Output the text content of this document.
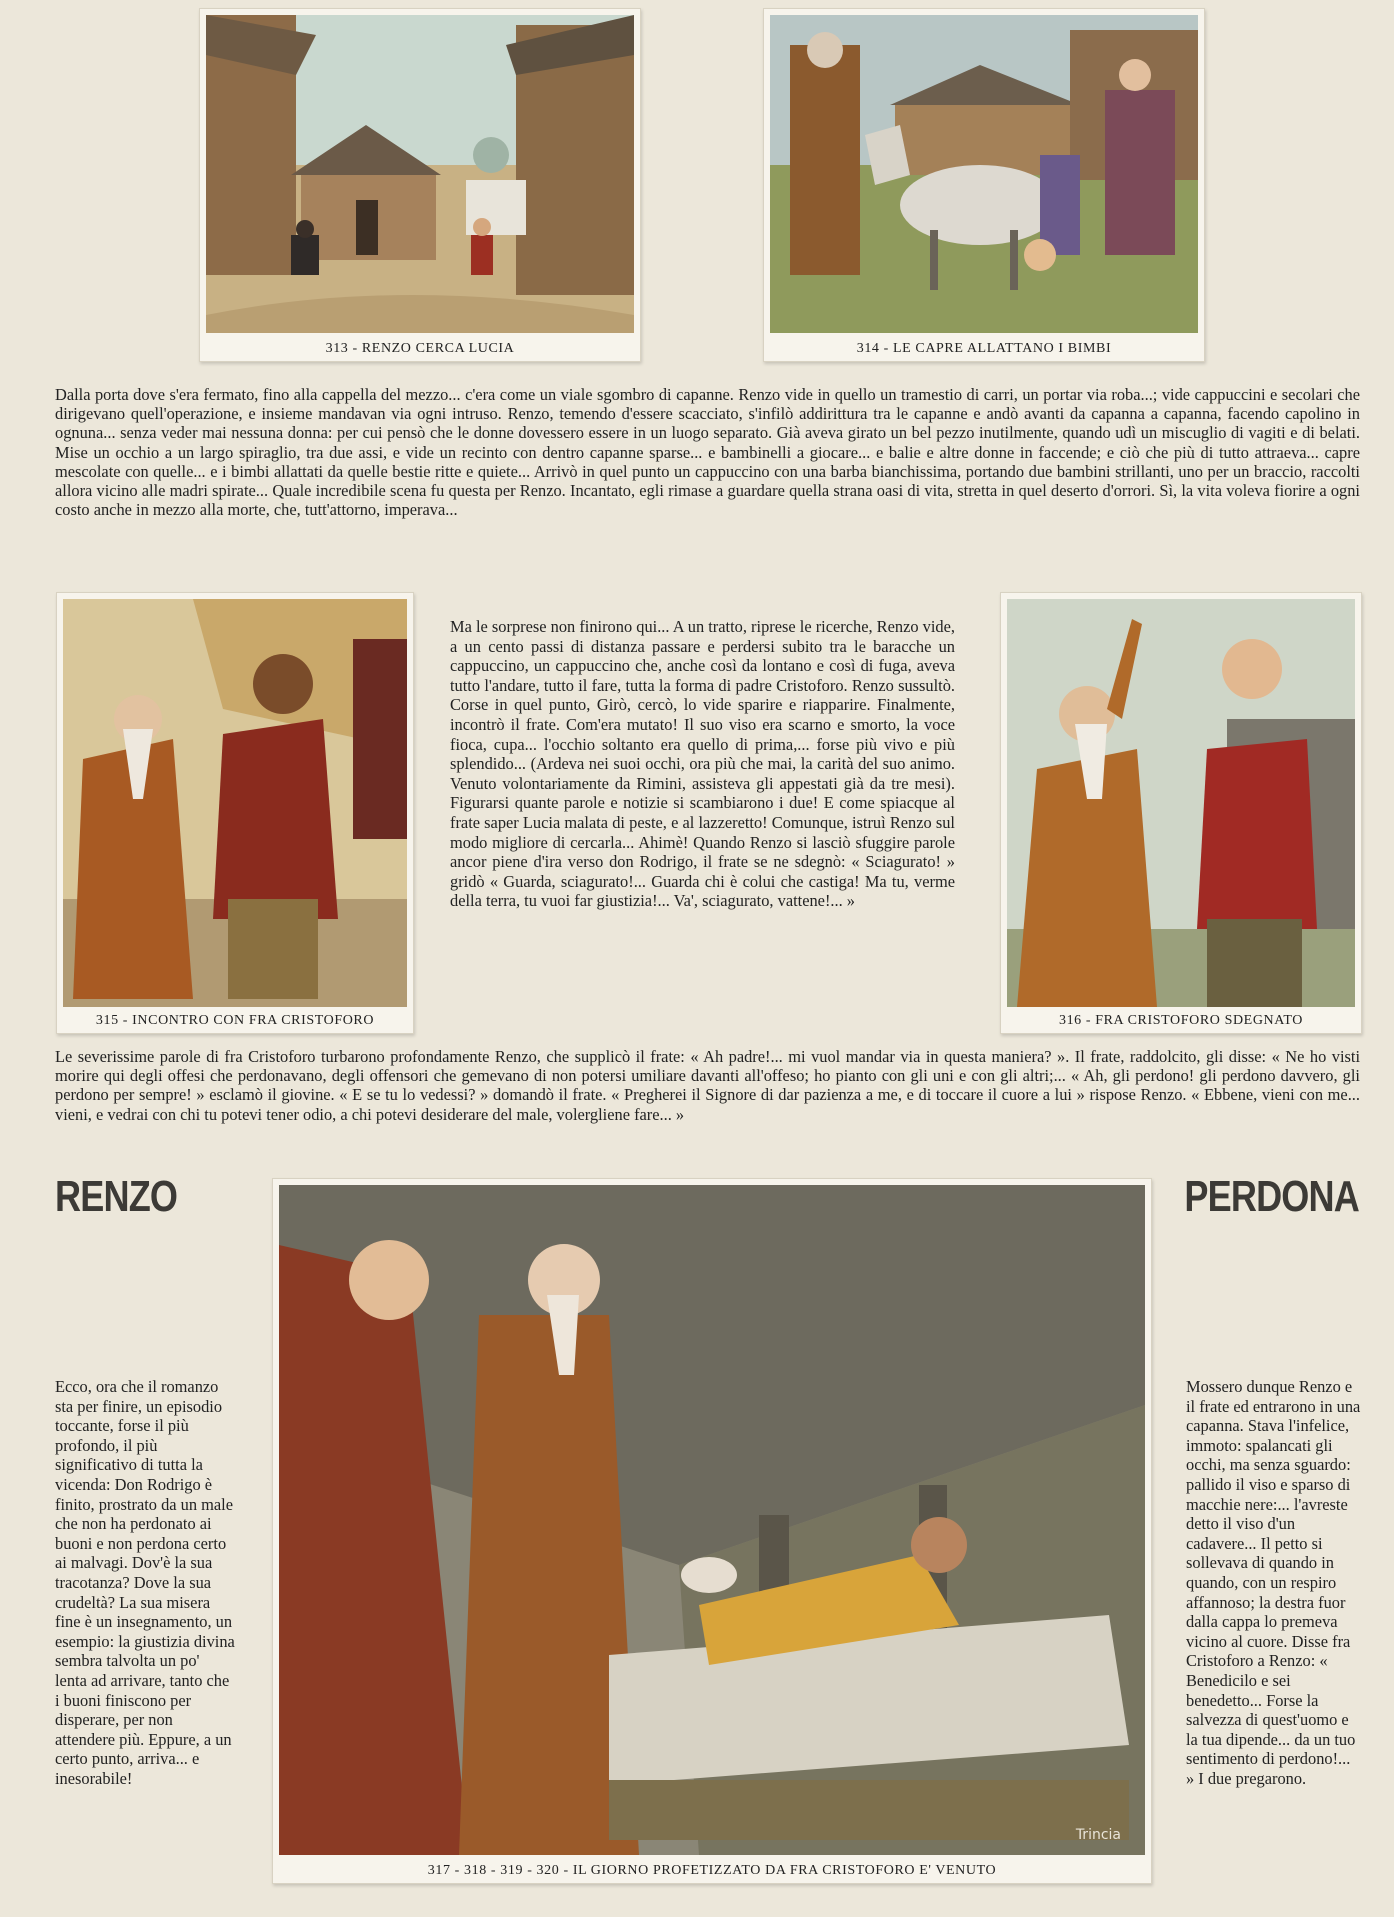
313 - RENZO CERCA LUCIA	314 - LE CAPRE ALLATTANO I BIMBI

Dalla porta dove s'era fermato, fino alla cappella del mezzo... c'era come un viale sgombro di capanne. Renzo vide in quello un tramestio di carri, un portar via roba...; vide cappuccini e secolari che dirigevano quell'operazione, e insieme mandavan via ogni intruso. Renzo, temendo d'essere scacciato, s'infilò addirittura tra le capanne e andò avanti da capanna a capanna, facendo capolino in ognuna... senza veder mai nessuna donna: per cui pensò che le donne dovessero essere in un luogo separato. Già aveva girato un bel pezzo inutilmente, quando udì un miscuglio di vagiti e di belati. Mise un occhio a un largo spiraglio, tra due assi, e vide un recinto con dentro capanne sparse... e bambinelli a giocare... e balie e altre donne in faccende; e ciò che più di tutto attraeva... capre mescolate con quelle... e i bimbi allattati da quelle bestie ritte e quiete... Arrivò in quel punto un cappuccino con una barba bianchissima, portando due bambini strillanti, uno per un braccio, raccolti allora vicino alle madri spirate... Quale incredibile scena fu questa per Renzo. Incantato, egli rimase a guardare quella strana oasi di vita, stretta in quel deserto d'orrori. Sì, la vita voleva fiorire a ogni costo anche in mezzo alla morte, che, tutt'attorno, imperava...

315 - INCONTRO CON FRA CRISTOFORO

Ma le sorprese non finirono qui... A un tratto, riprese le ricerche, Renzo vide, a un cento passi di distanza passare e perdersi subito tra le baracche un cappuccino, un cappuccino che, anche così da lontano e così di fuga, aveva tutto l'andare, tutto il fare, tutta la forma di padre Cristoforo. Renzo sussultò. Corse in quel punto, Girò, cercò, lo vide sparire e riapparire. Finalmente, incontrò il frate. Com'era mutato! Il suo viso era scarno e smorto, la voce fioca, cupa... l'occhio soltanto era quello di prima,... forse più vivo e più splendido... (Ardeva nei suoi occhi, ora più che mai, la carità del suo animo. Venuto volontariamente da Rimini, assisteva gli appestati già da tre mesi). Figurarsi quante parole e notizie si scambiarono i due! E come spiacque al frate saper Lucia malata di peste, e al lazzeretto! Comunque, istruì Renzo sul modo migliore di cercarla... Ahimè! Quando Renzo si lasciò sfuggire parole ancor piene d'ira verso don Rodrigo, il frate se ne sdegnò: « Sciagurato! » gridò « Guarda, sciagurato!... Guarda chi è colui che castiga! Ma tu, verme della terra, tu vuoi far giustizia!... Va', sciagurato, vattene!... »

316 - FRA CRISTOFORO SDEGNATO

Le severissime parole di fra Cristoforo turbarono profondamente Renzo, che supplicò il frate: « Ah padre!... mi vuol mandar via in questa maniera? ». Il frate, raddolcito, gli disse: « Ne ho visti morire qui degli offesi che perdonavano, degli offensori che gemevano di non potersi umiliare davanti all'offeso; ho pianto con gli uni e con gli altri;... « Ah, gli perdono! gli perdono davvero, gli perdono per sempre! » esclamò il giovine. « E se tu lo vedessi? » domandò il frate. « Pregherei il Signore di dar pazienza a me, e di toccare il cuore a lui » rispose Renzo. « Ebbene, vieni con me... vieni, e vedrai con chi tu potevi tener odio, a chi potevi desiderare del male, volergliene fare... »

RENZO	PERDONA
Trincia
317 - 318 - 319 - 320 - IL GIORNO PROFETIZZATO DA FRA CRISTOFORO E' VENUTO

Ecco, ora che il romanzo sta per finire, un episodio toccante, forse il più profondo, il più significativo di tutta la vicenda: Don Rodrigo è finito, prostrato da un male che non ha perdonato ai buoni e non perdona certo ai malvagi. Dov'è la sua tracotanza? Dove la sua crudeltà? La sua misera fine è un insegnamento, un esempio: la giustizia divina sembra talvolta un po' lenta ad arrivare, tanto che i buoni finiscono per disperare, per non attendere più. Eppure, a un certo punto, arriva... e inesorabile!

Mossero dunque Renzo e il frate ed entrarono in una capanna. Stava l'infelice, immoto: spalancati gli occhi, ma senza sguardo: pallido il viso e sparso di macchie nere:... l'avreste detto il viso d'un cadavere... Il petto si sollevava di quando in quando, con un respiro affannoso; la destra fuor dalla cappa lo premeva vicino al cuore. Disse fra Cristoforo a Renzo: « Benedicilo e sei benedetto... Forse la salvezza di quest'uomo e la tua dipende... da un tuo sentimento di perdono!... » I due pregarono.
